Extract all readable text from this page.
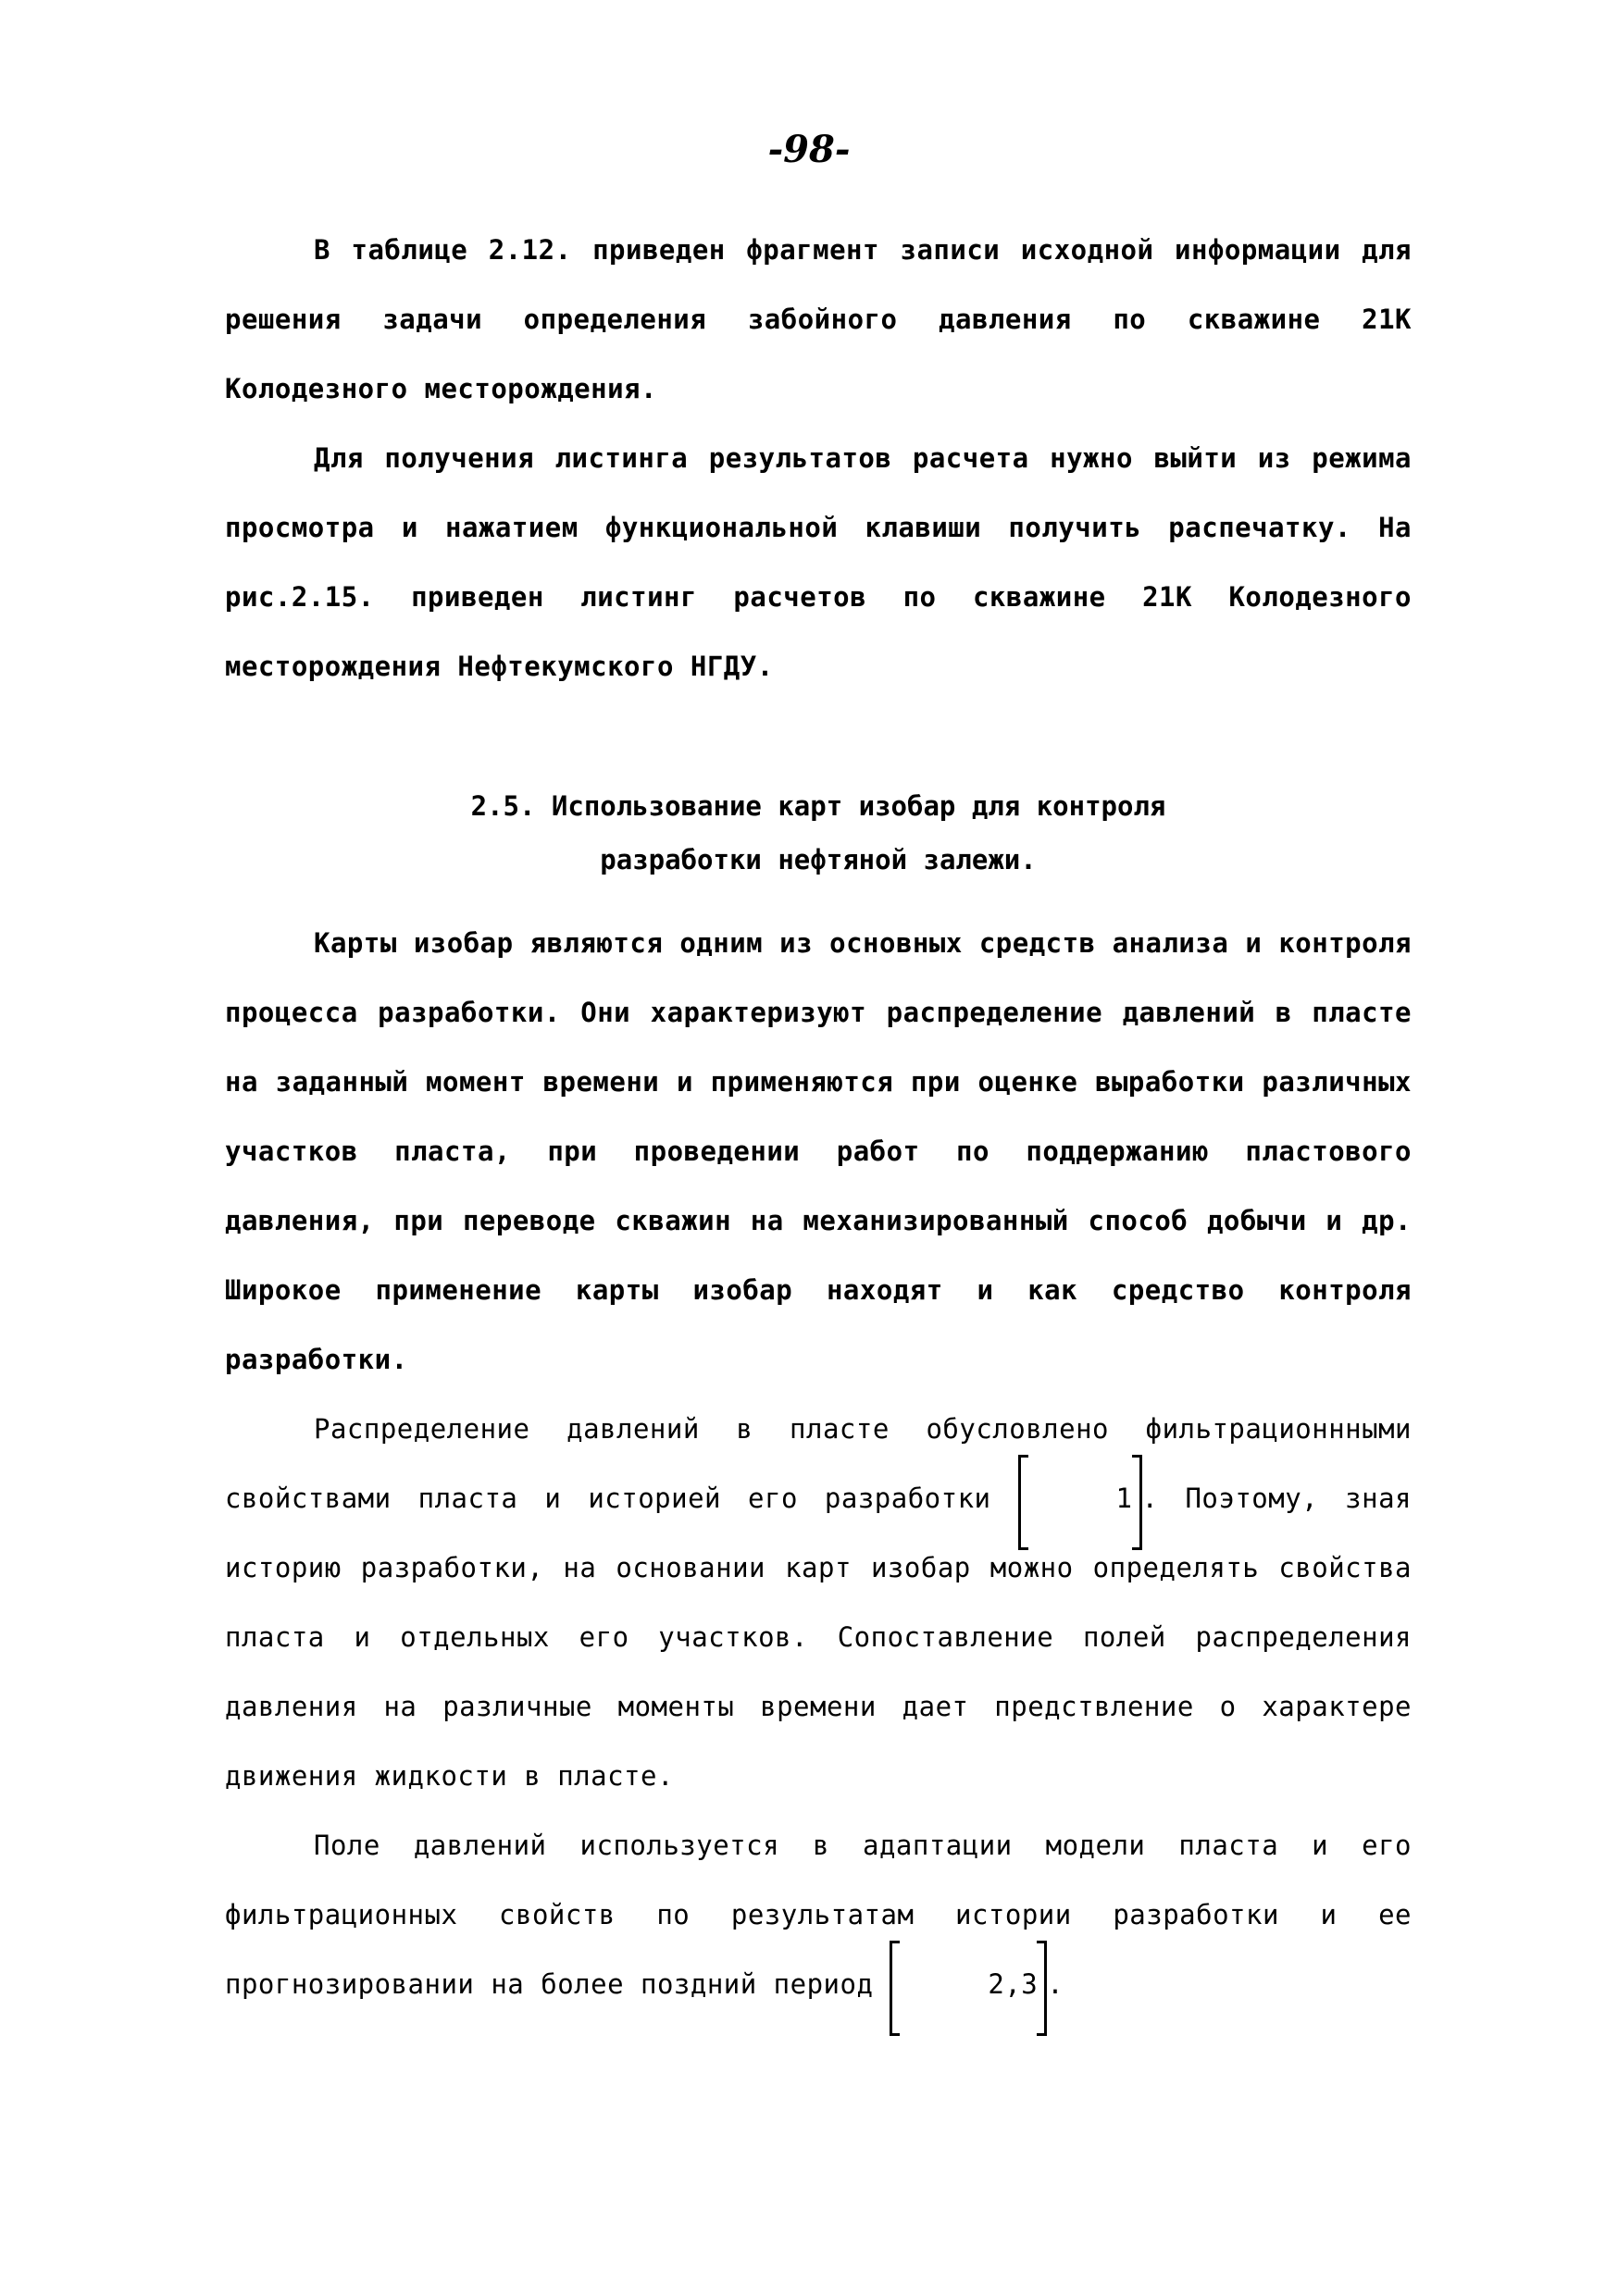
-98-

В таблице 2.12. приведен фрагмент записи исходной информации для решения задачи определения забойного давления по скважине 21К Колодезного месторождения.

Для получения листинга результатов расчета нужно выйти из режима просмотра и нажатием функциональной клавиши получить распечатку. На рис.2.15. приведен листинг расчетов по скважине 21К Колодезного месторождения Нефтекумского НГДУ.

2.5. Использование карт изобар для контроля
разработки нефтяной залежи.

Карты изобар являются одним из основных средств анализа и контроля процесса разработки. Они характеризуют распределение давлений в пласте на заданный момент времени и применяются при оценке выработки различных участков пласта, при проведении работ по поддержанию пластового давления, при переводе скважин на механизированный способ добычи и др. Широкое применение карты изобар находят и как средство контроля разработки.

Распределение давлений в пласте обусловлено фильтрационнными свойствами пласта и историей его разработки	1 . Поэтому, зная историю разработки, на основании карт изобар можно определять свойства пласта и отдельных его участков. Сопоставление полей распределения давления на различные моменты времени дает предствление о характере движения жидкости в пласте.

Поле давлений используется в адаптации модели пласта и его фильтрационных свойств по результатам истории разработки и ее прогнозировании на более поздний период	2,3 .
